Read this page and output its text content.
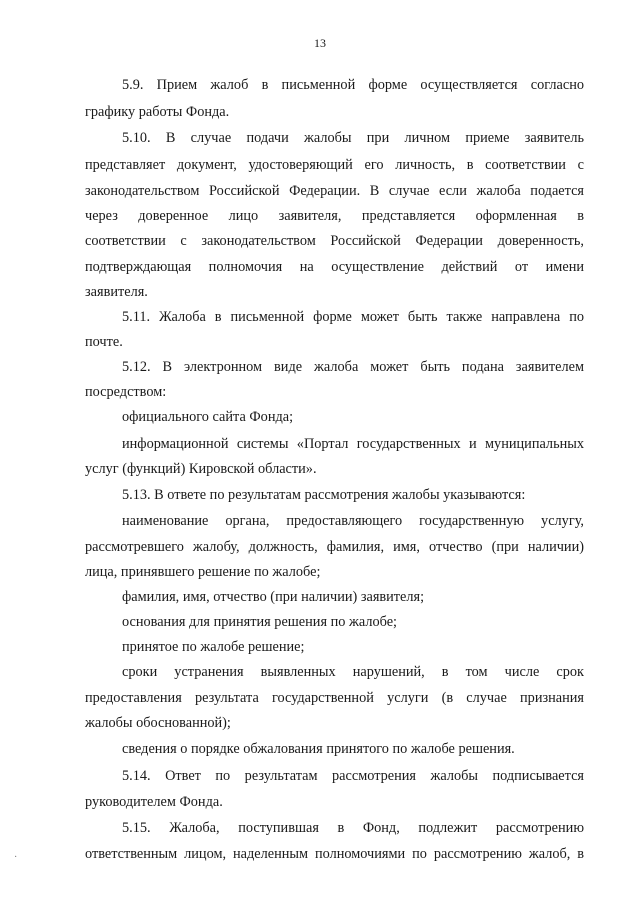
13
5.9. Прием жалоб в письменной форме осуществляется согласно
графику работы Фонда.
5.10. В случае подачи жалобы при личном приеме заявитель
представляет документ, удостоверяющий его личность, в соответствии с
законодательством Российской Федерации. В случае если жалоба подается
через доверенное лицо заявителя, представляется оформленная в
соответствии с законодательством Российской Федерации доверенность,
подтверждающая полномочия на осуществление действий от имени
заявителя.
5.11. Жалоба в письменной форме может быть также направлена по
почте.
5.12. В электронном виде жалоба может быть подана заявителем
посредством:
официального сайта Фонда;
информационной системы «Портал государственных и муниципальных
услуг (функций) Кировской области».
5.13. В ответе по результатам рассмотрения жалобы указываются:
наименование органа, предоставляющего государственную услугу,
рассмотревшего жалобу, должность, фамилия, имя, отчество (при наличии)
лица, принявшего решение по жалобе;
фамилия, имя, отчество (при наличии) заявителя;
основания для принятия решения по жалобе;
принятое по жалобе решение;
сроки устранения выявленных нарушений, в том числе срок
предоставления результата государственной услуги (в случае признания
жалобы обоснованной);
сведения о порядке обжалования принятого по жалобе решения.
5.14. Ответ по результатам рассмотрения жалобы подписывается
руководителем Фонда.
5.15. Жалоба, поступившая в Фонд, подлежит рассмотрению
ответственным лицом, наделенным полномочиями по рассмотрению жалоб, в
·
